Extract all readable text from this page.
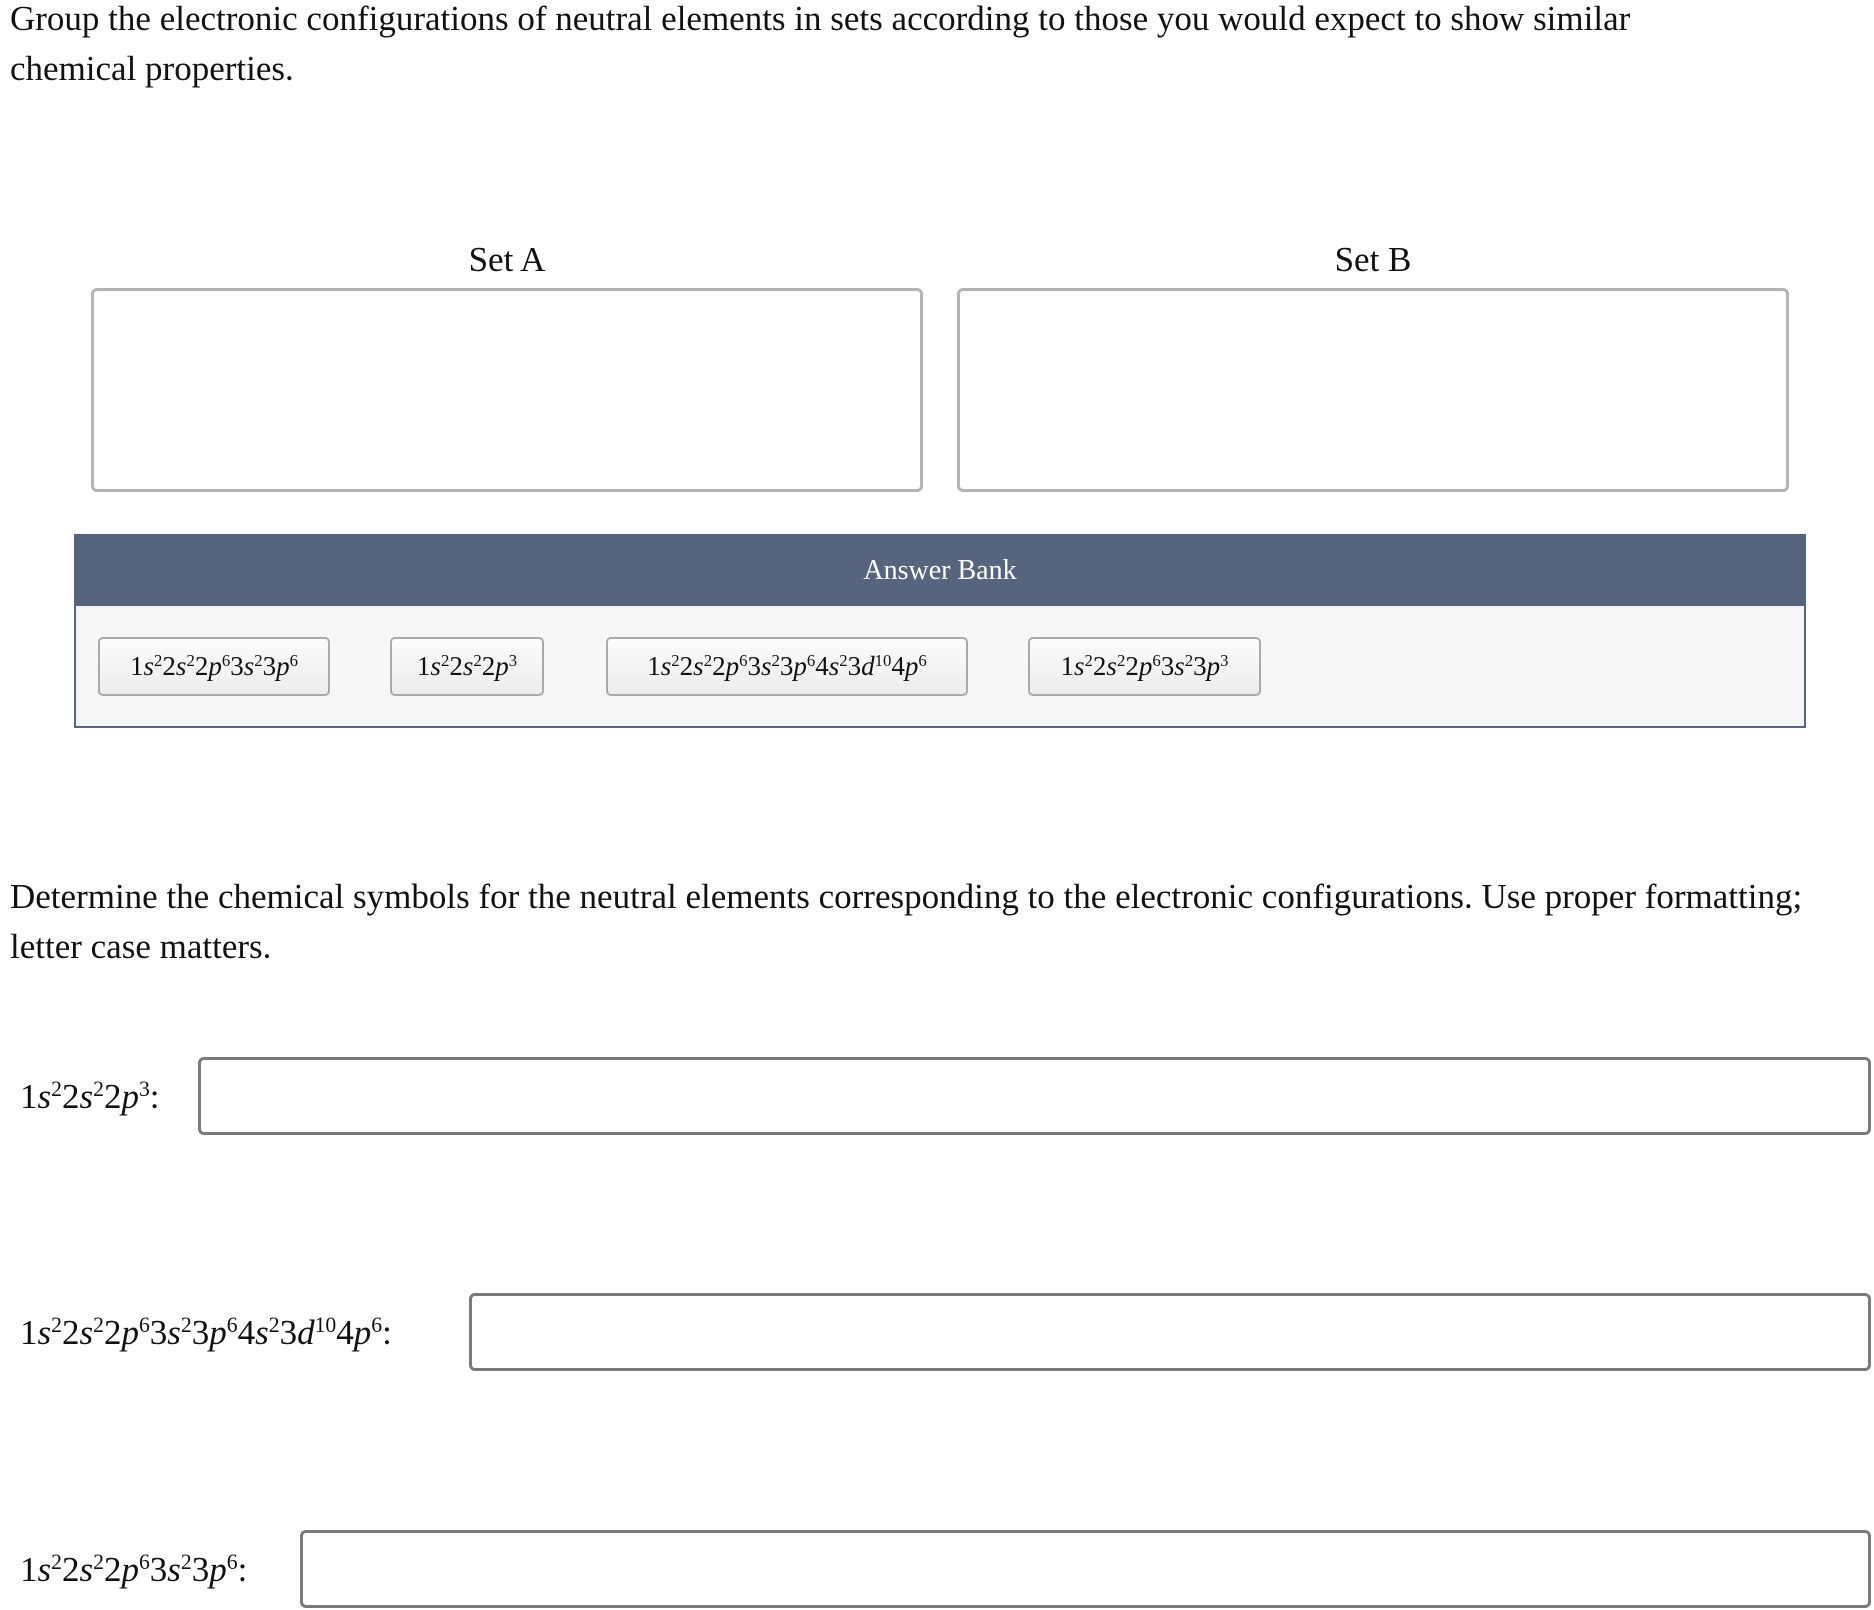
Group the electronic configurations of neutral elements in sets according to those you would expect to show similar chemical properties.

Set A	Set B
Answer Bank
$1s^22s^22p^63s^23p^6$	$1s^22s^22p^3$	$1s^22s^22p^63s^23p^64s^23d^{10}4p^6$	$1s^22s^22p^63s^23p^3$

Determine the chemical symbols for the neutral elements corresponding to the electronic configurations. Use proper formatting; letter case matters.

$1s^22s^22p^3$:
$1s^22s^22p^63s^23p^64s^23d^{10}4p^6$:
$1s^22s^22p^63s^23p^6$:
